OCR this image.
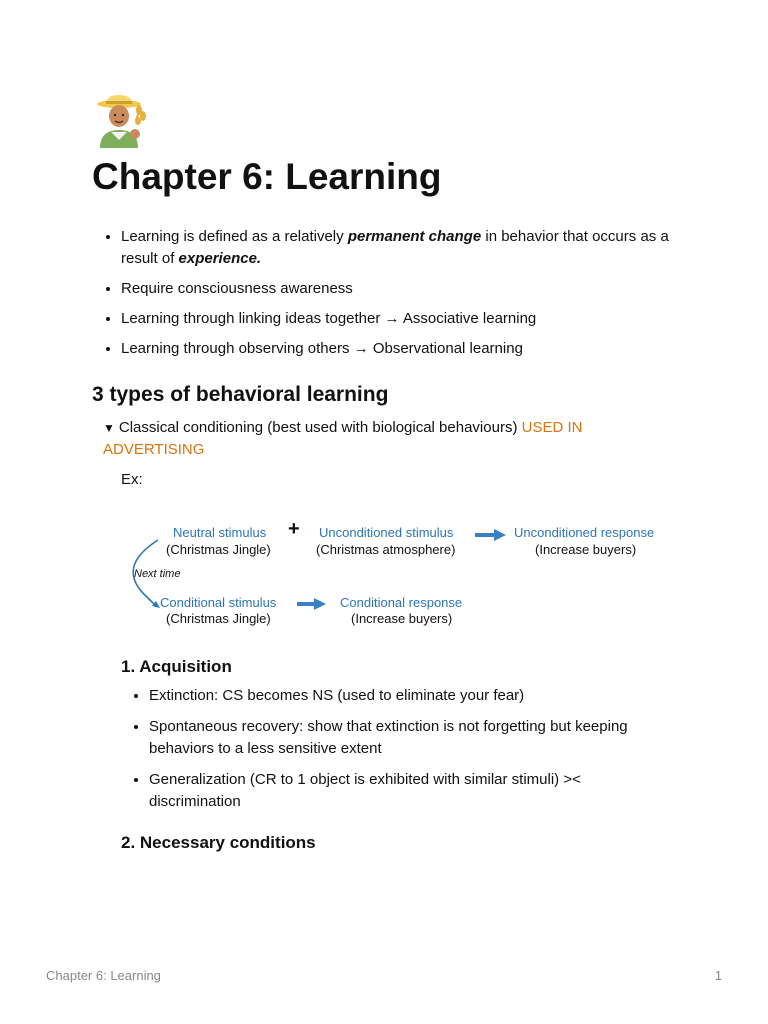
Chapter 6: Learning
• Learning is defined as a relatively permanent change in behavior that occurs as a result of experience.
• Require consciousness awareness
• Learning through linking ideas together → Associative learning
• Learning through observing others → Observational learning
3 types of behavioral learning
▼ Classical conditioning (best used with biological behaviours) USED IN ADVERTISING
Ex:
Neutral stimulus
(Christmas Jingle)
+ Unconditioned stimulus
(Christmas atmosphere)
Unconditioned response
(Increase buyers)
Next time
Conditional stimulus
(Christmas Jingle)
Conditional response
(Increase buyers)
1. Acquisition
• Extinction: CS becomes NS (used to eliminate your fear)
• Spontaneous recovery: show that extinction is not forgetting but keeping behaviors to a less sensitive extent
• Generalization (CR to 1 object is exhibited with similar stimuli) >< discrimination
2. Necessary conditions
Chapter 6: Learning	1
